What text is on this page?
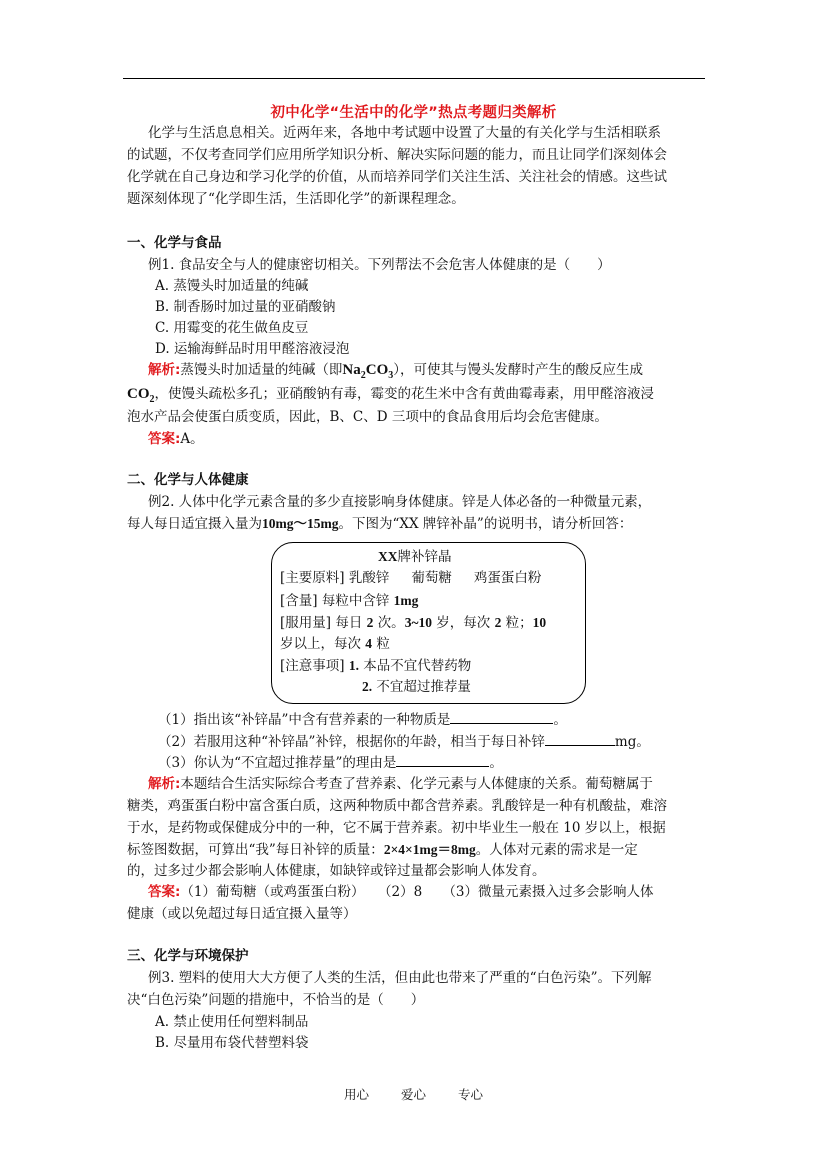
初中化学“生活中的化学”热点考题归类解析
化学与生活息息相关。近两年来，各地中考试题中设置了大量的有关化学与生活相联系
的试题，不仅考查同学们应用所学知识分析、解决实际问题的能力，而且让同学们深刻体会
化学就在自己身边和学习化学的价值，从而培养同学们关注生活、关注社会的情感。这些试
题深刻体现了“化学即生活，生活即化学”的新课程理念。
一、化学与食品
例1. 食品安全与人的健康密切相关。下列帮法不会危害人体健康的是（　　）
A. 蒸馒头时加适量的纯碱
B. 制香肠时加过量的亚硝酸钠
C. 用霉变的花生做鱼皮豆
D. 运输海鲜品时用甲醛溶液浸泡
解析:蒸馒头时加适量的纯碱（即$Na_2CO_3$），可使其与馒头发酵时产生的酸反应生成
$CO_2$，使馒头疏松多孔；亚硝酸钠有毒，霉变的花生米中含有黄曲霉毒素，用甲醛溶液浸
泡水产品会使蛋白质变质，因此，B、C、D 三项中的食品食用后均会危害健康。
答案:A。
二、化学与人体健康
例2. 人体中化学元素含量的多少直接影响身体健康。锌是人体必备的一种微量元素，
每人每日适宜摄入量为10mg～15mg。下图为“XX 牌锌补晶”的说明书，请分析回答：
XX牌补锌晶
[主要原料] 乳酸锌 葡萄糖 鸡蛋蛋白粉
[含量] 每粒中含锌 1mg
[服用量] 每日 2 次。3~10 岁，每次 2 粒；10
岁以上，每次 4 粒
[注意事项] 1. 本品不宜代替药物
2. 不宜超过推荐量
（1）指出该“补锌晶”中含有营养素的一种物质是	。
（2）若服用这种“补锌晶”补锌，根据你的年龄，相当于每日补锌	mg。
（3）你认为“不宜超过推荐量”的理由是	。
解析:本题结合生活实际综合考查了营养素、化学元素与人体健康的关系。葡萄糖属于
糖类，鸡蛋蛋白粉中富含蛋白质，这两种物质中都含营养素。乳酸锌是一种有机酸盐，难溶
于水，是药物或保健成分中的一种，它不属于营养素。初中毕业生一般在 10 岁以上，根据
标签图数据，可算出“我”每日补锌的质量：2×4×1mg＝8mg。人体对元素的需求是一定
的，过多过少都会影响人体健康，如缺锌或锌过量都会影响人体发育。
答案:（1）葡萄糖（或鸡蛋蛋白粉）　　（2）8　　（3）微量元素摄入过多会影响人体
健康（或以免超过每日适宜摄入量等）
三、化学与环境保护
例3. 塑料的使用大大方便了人类的生活，但由此也带来了严重的“白色污染”。下列解
决“白色污染”问题的措施中，不恰当的是（　　）
A. 禁止使用任何塑料制品
B. 尽量用布袋代替塑料袋
用心	爱心	专心
